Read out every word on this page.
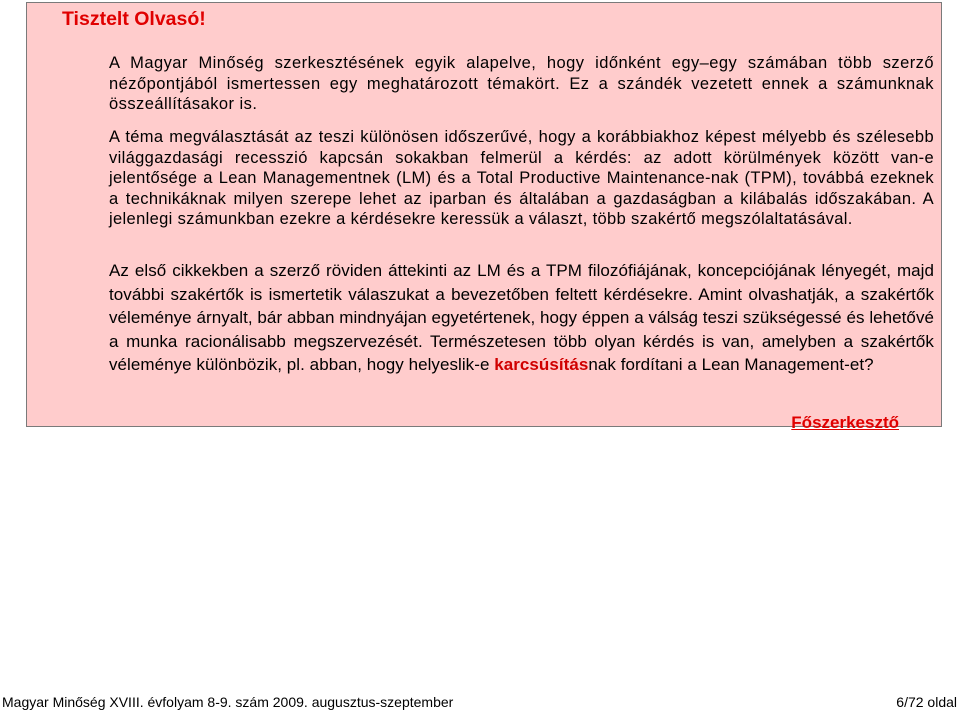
Tisztelt Olvasó!

A Magyar Minőség szerkesztésének egyik alapelve, hogy időnként egy–egy számában több szerző nézőpontjából ismertessen egy meghatározott témakört. Ez a szándék vezetett ennek a számunknak összeállításakor is.

A téma megválasztását az teszi különösen időszerűvé, hogy a korábbiakhoz képest mélyebb és szélesebb világgazdasági recesszió kapcsán sokakban felmerül a kérdés: az adott körülmények között van-e jelentősége a Lean Managementnek (LM) és a Total Productive Maintenance-nak (TPM), továbbá ezeknek a technikáknak milyen szerepe lehet az iparban és általában a gazdaságban a kilábalás időszakában. A jelenlegi számunkban ezekre a kérdésekre keressük a választ, több szakértő megszólaltatásával.

Az első cikkekben a szerző röviden áttekinti az LM és a TPM filozófiájának, koncepciójának lényegét, majd további szakértők is ismertetik válaszukat a bevezetőben feltett kérdésekre. Amint olvashatják, a szakértők véleménye árnyalt, bár abban mindnyájan egyetértenek, hogy éppen a válság teszi szükségessé és lehetővé a munka racionálisabb megszervezését. Természetesen több olyan kérdés is van, amelyben a szakértők véleménye különbözik, pl. abban, hogy helyeslik-e karcsúsításnak fordítani a Lean Management-et?

Főszerkesztő

Magyar Minőség XVIII. évfolyam 8-9. szám 2009. augusztus-szeptember	6/72 oldal
